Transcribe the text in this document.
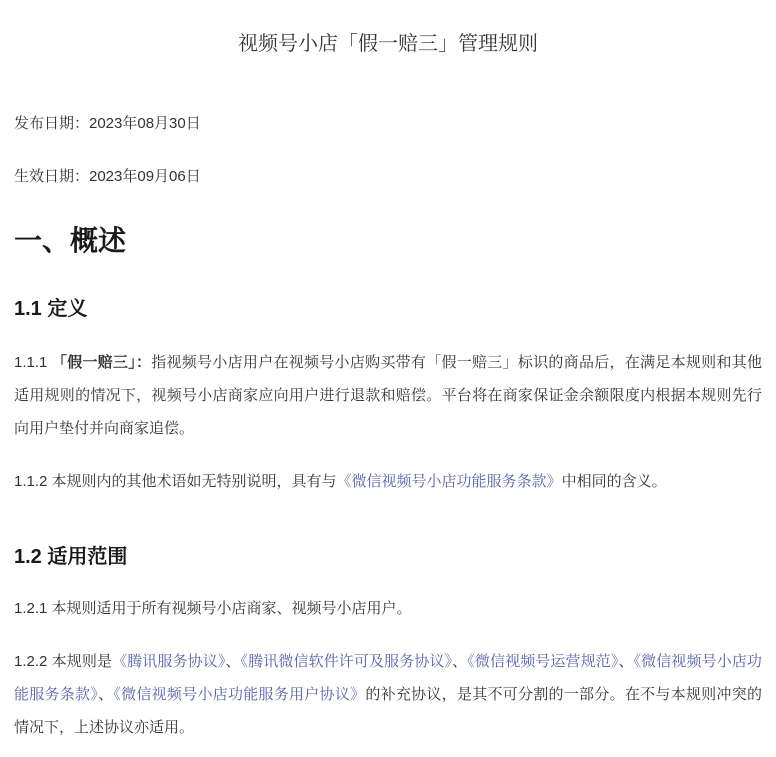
视频号小店「假一赔三」管理规则

发布日期：2023年08月30日

生效日期：2023年09月06日

一、概述
1.1 定义

1.1.1 「假一赔三」：指视频号小店用户在视频号小店购买带有「假一赔三」标识的商品后，在满足本规则和其他适用规则的情况下，视频号小店商家应向用户进行退款和赔偿。平台将在商家保证金余额限度内根据本规则先行向用户垫付并向商家追偿。

1.1.2 本规则内的其他术语如无特别说明，具有与《微信视频号小店功能服务条款》中相同的含义。

1.2 适用范围

1.2.1 本规则适用于所有视频号小店商家、视频号小店用户。

1.2.2 本规则是《腾讯服务协议》、《腾讯微信软件许可及服务协议》、《微信视频号运营规范》、《微信视频号小店功能服务条款》、《微信视频号小店功能服务用户协议》的补充协议，是其不可分割的一部分。在不与本规则冲突的情况下，上述协议亦适用。
